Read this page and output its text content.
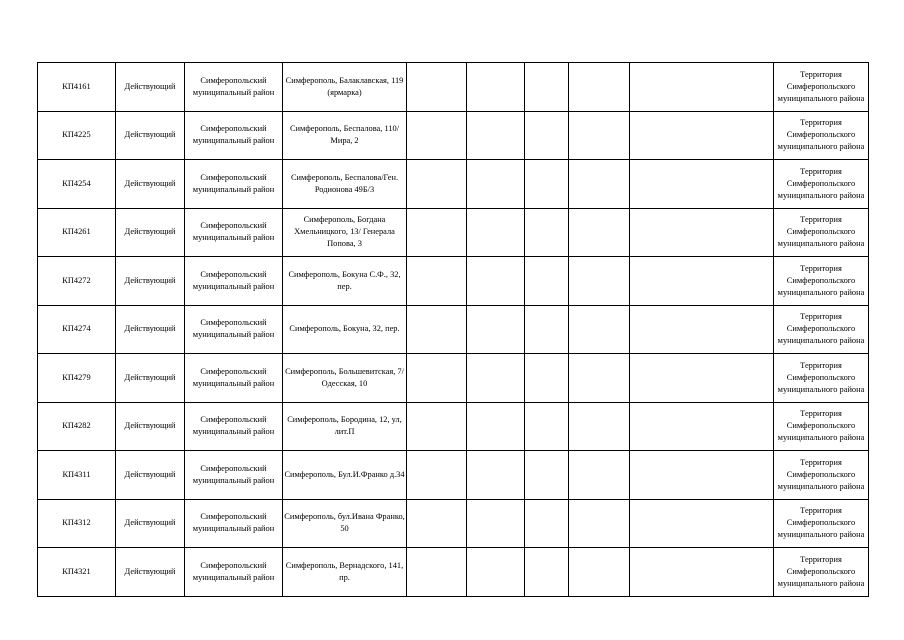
КП4161	Действующий	Симферопольский муниципальный район	Симферополь, Балаклавская, 119 (ярмарка)						Территория Симферопольского муниципального района
КП4225	Действующий	Симферопольский муниципальный район	Симферополь, Беспалова, 110/ Мира, 2						Территория Симферопольского муниципального района
КП4254	Действующий	Симферопольский муниципальный район	Симферополь, Беспалова/Ген. Родионова 49Б/3						Территория Симферопольского муниципального района
КП4261	Действующий	Симферопольский муниципальный район	Симферополь, Богдана Хмельницкого, 13/ Генерала Попова, 3						Территория Симферопольского муниципального района
КП4272	Действующий	Симферопольский муниципальный район	Симферополь, Бокуна С.Ф., 32, пер.						Территория Симферопольского муниципального района
КП4274	Действующий	Симферопольский муниципальный район	Симферополь, Бокуна, 32, пер.						Территория Симферопольского муниципального района
КП4279	Действующий	Симферопольский муниципальный район	Симферополь, Большевитская, 7/ Одесская, 10						Территория Симферопольского муниципального района
КП4282	Действующий	Симферопольский муниципальный район	Симферополь, Бородина, 12, ул, лит.П						Территория Симферопольского муниципального района
КП4311	Действующий	Симферопольский муниципальный район	Симферополь, Бул.И.Франко д.34						Территория Симферопольского муниципального района
КП4312	Действующий	Симферопольский муниципальный район	Симферополь, бул.Ивана Франко, 50						Территория Симферопольского муниципального района
КП4321	Действующий	Симферопольский муниципальный район	Симферополь, Вернадского, 141, пр.						Территория Симферопольского муниципального района
